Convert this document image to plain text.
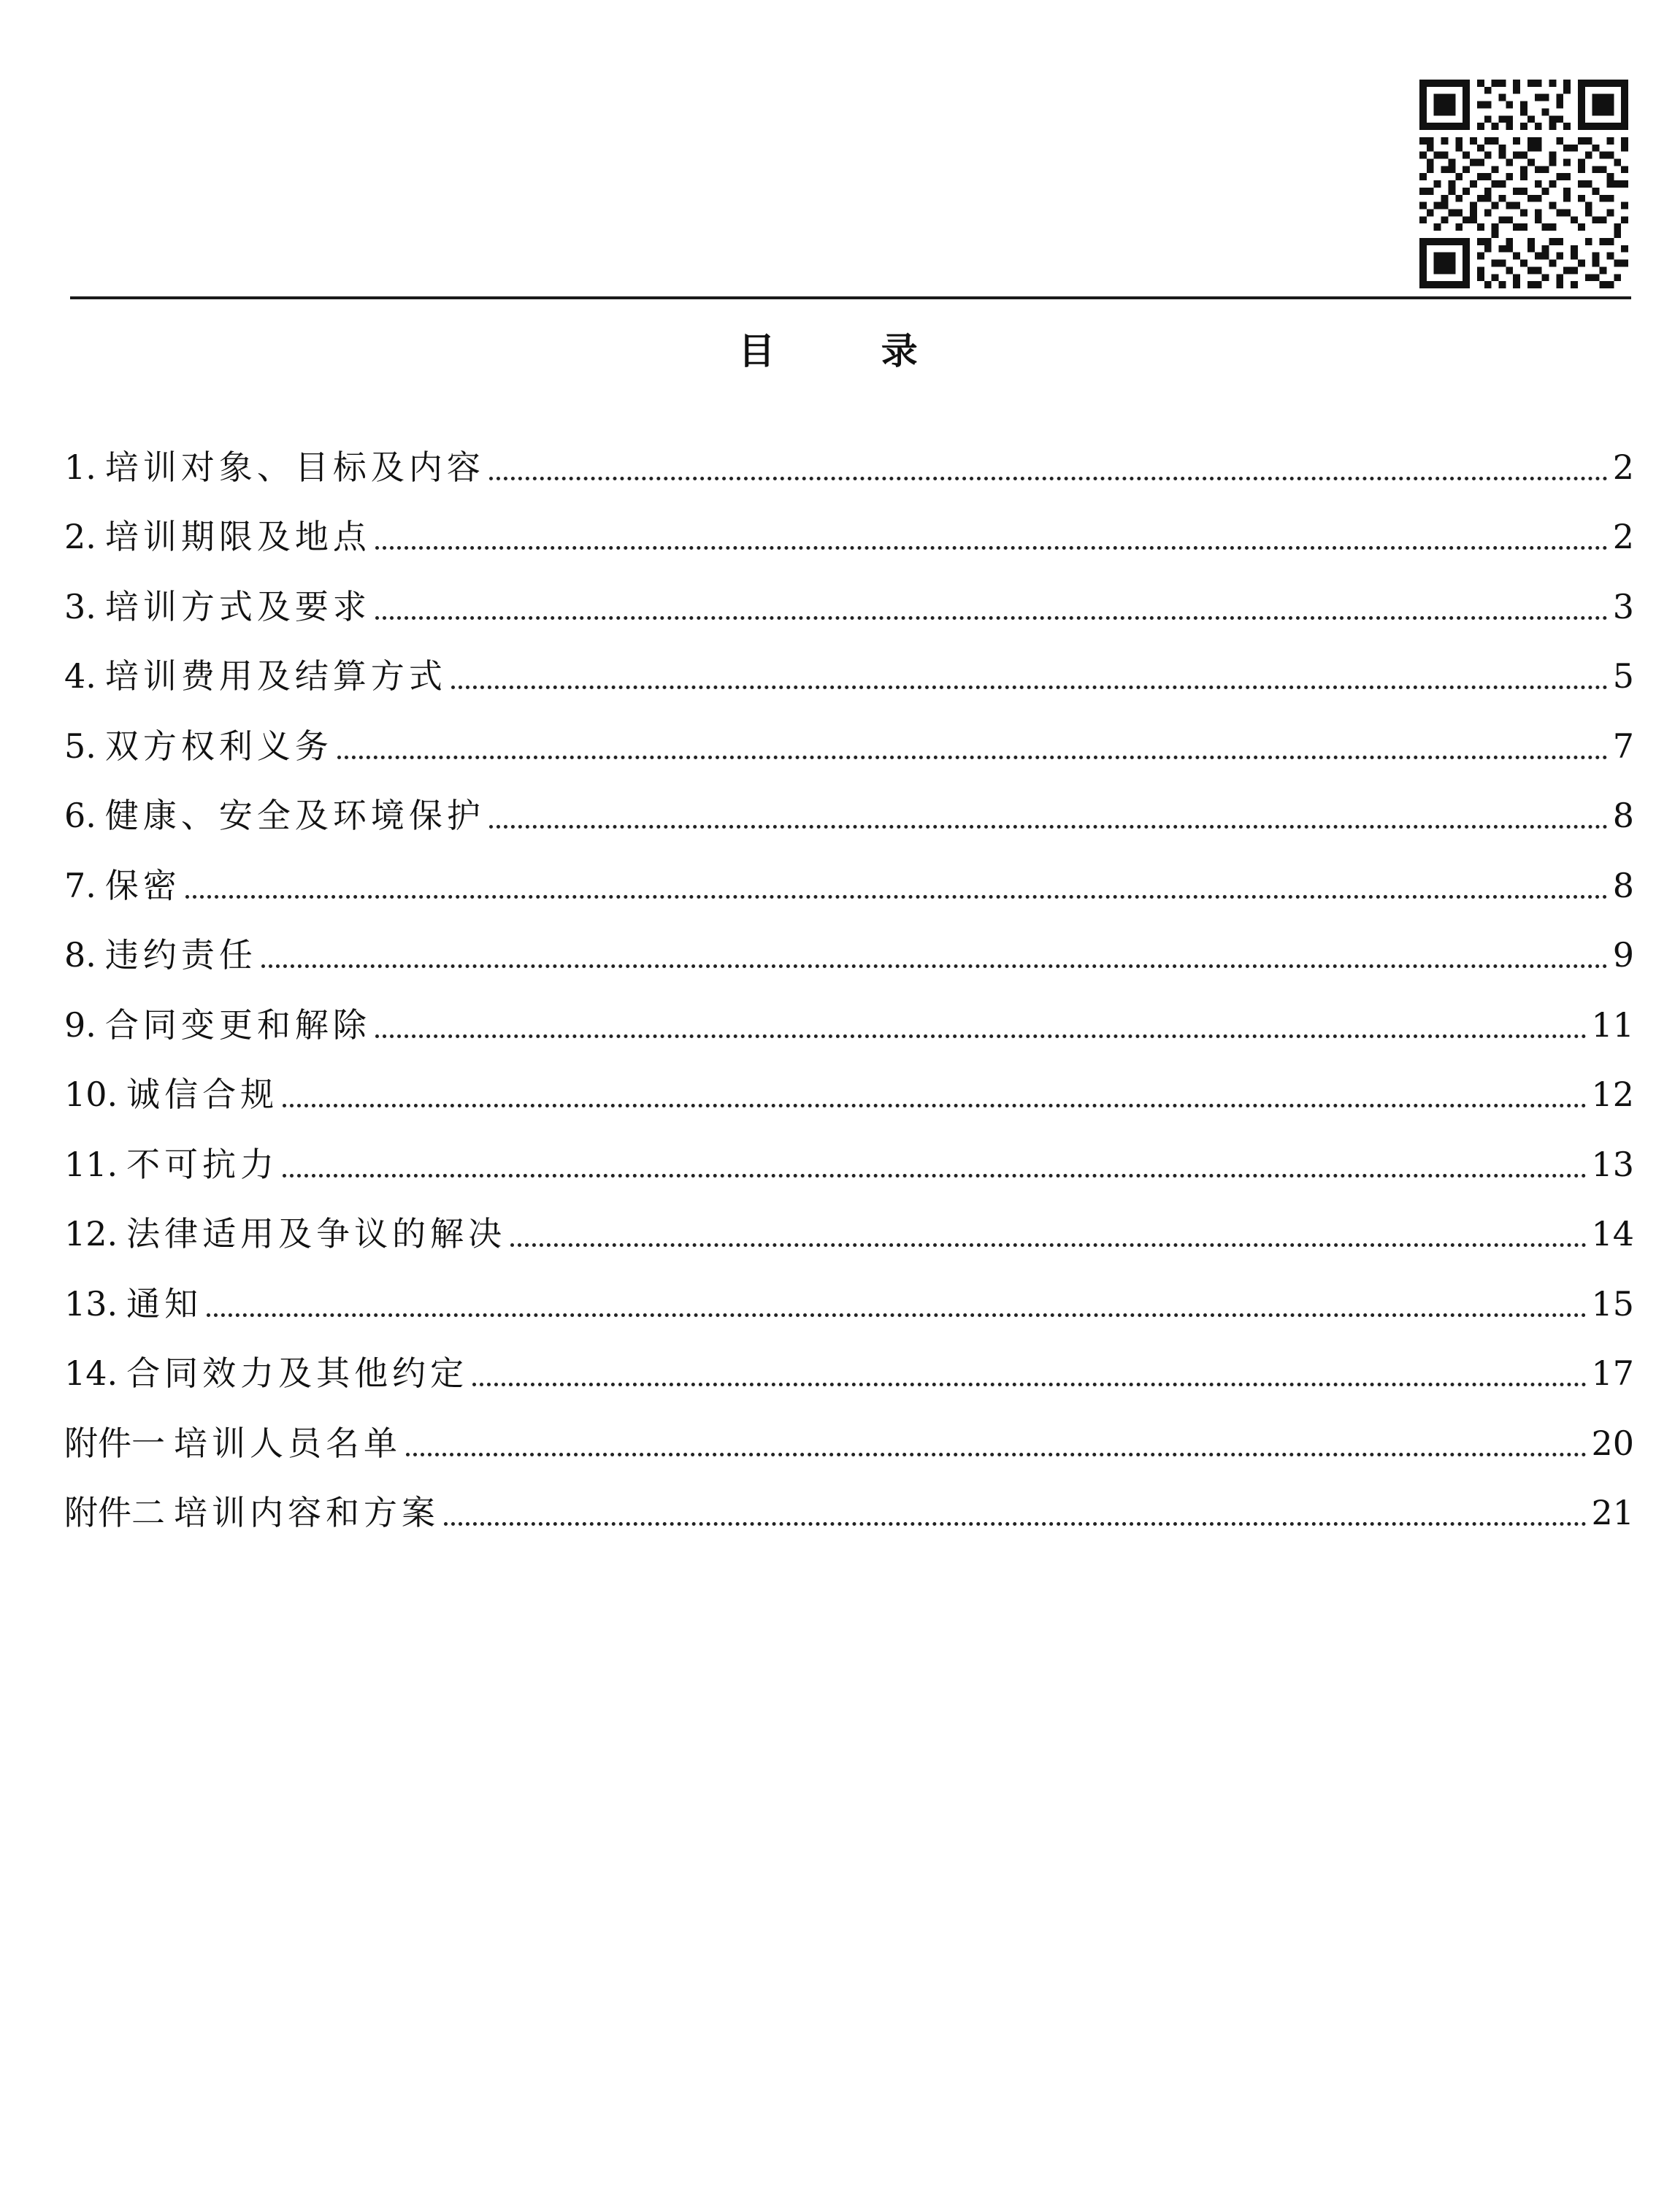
目 录
1. 培训对象、目标及内容	2
2. 培训期限及地点	2
3. 培训方式及要求	3
4. 培训费用及结算方式	5
5. 双方权利义务	7
6. 健康、安全及环境保护	8
7. 保密	8
8. 违约责任	9
9. 合同变更和解除	11
10. 诚信合规	12
11. 不可抗力	13
12. 法律适用及争议的解决	14
13. 通知	15
14. 合同效力及其他约定	17
附件一 培训人员名单	20
附件二 培训内容和方案	21
